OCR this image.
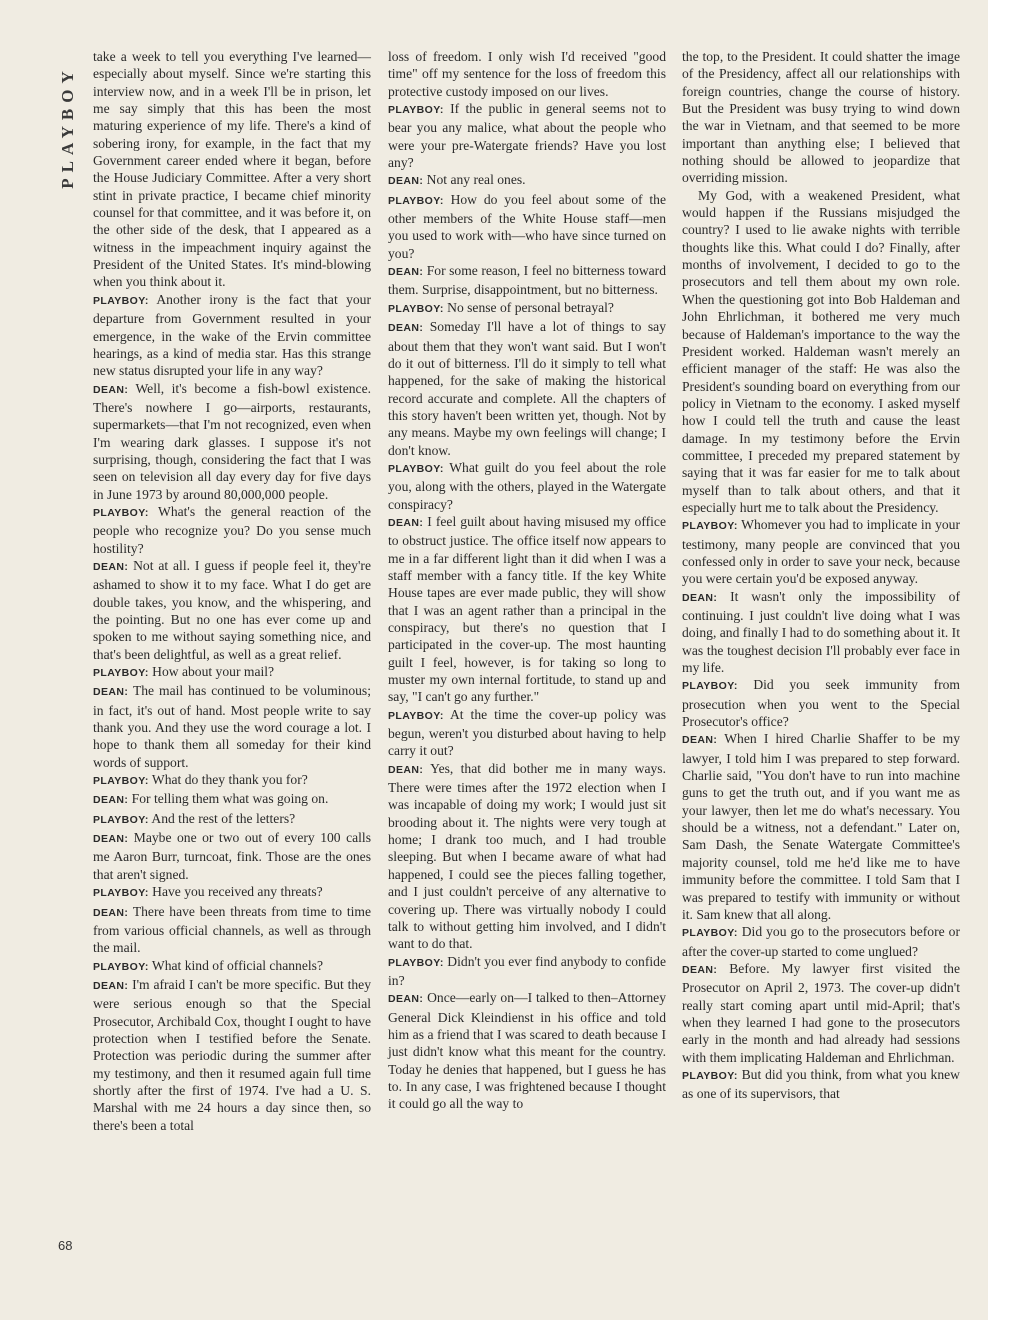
PLAYBOY

take a week to tell you everything I've learned—especially about myself. Since we're starting this interview now, and in a week I'll be in prison, let me say simply that this has been the most maturing experience of my life. There's a kind of sobering irony, for example, in the fact that my Government career ended where it began, before the House Judiciary Committee. After a very short stint in private practice, I became chief minority counsel for that committee, and it was before it, on the other side of the desk, that I appeared as a witness in the impeachment inquiry against the President of the United States. It's mind-blowing when you think about it.

PLAYBOY: Another irony is the fact that your departure from Government resulted in your emergence, in the wake of the Ervin committee hearings, as a kind of media star. Has this strange new status disrupted your life in any way?

DEAN: Well, it's become a fish-bowl existence. There's nowhere I go—airports, restaurants, supermarkets—that I'm not recognized, even when I'm wearing dark glasses. I suppose it's not surprising, though, considering the fact that I was seen on television all day every day for five days in June 1973 by around 80,000,000 people.

PLAYBOY: What's the general reaction of the people who recognize you? Do you sense much hostility?

DEAN: Not at all. I guess if people feel it, they're ashamed to show it to my face. What I do get are double takes, you know, and the whispering, and the pointing. But no one has ever come up and spoken to me without saying something nice, and that's been delightful, as well as a great relief.

PLAYBOY: How about your mail?

DEAN: The mail has continued to be voluminous; in fact, it's out of hand. Most people write to say thank you. And they use the word courage a lot. I hope to thank them all someday for their kind words of support.

PLAYBOY: What do they thank you for?

DEAN: For telling them what was going on.

PLAYBOY: And the rest of the letters?

DEAN: Maybe one or two out of every 100 calls me Aaron Burr, turncoat, fink. Those are the ones that aren't signed.

PLAYBOY: Have you received any threats?

DEAN: There have been threats from time to time from various official channels, as well as through the mail.

PLAYBOY: What kind of official channels?

DEAN: I'm afraid I can't be more specific. But they were serious enough so that the Special Prosecutor, Archibald Cox, thought I ought to have protection when I testified before the Senate. Protection was periodic during the summer after my testimony, and then it resumed again full time shortly after the first of 1974. I've had a U. S. Marshal with me 24 hours a day since then, so there's been a total

loss of freedom. I only wish I'd received "good time" off my sentence for the loss of freedom this protective custody imposed on our lives.

PLAYBOY: If the public in general seems not to bear you any malice, what about the people who were your pre-Watergate friends? Have you lost any?

DEAN: Not any real ones.

PLAYBOY: How do you feel about some of the other members of the White House staff—men you used to work with—who have since turned on you?

DEAN: For some reason, I feel no bitterness toward them. Surprise, disappointment, but no bitterness.

PLAYBOY: No sense of personal betrayal?

DEAN: Someday I'll have a lot of things to say about them that they won't want said. But I won't do it out of bitterness. I'll do it simply to tell what happened, for the sake of making the historical record accurate and complete. All the chapters of this story haven't been written yet, though. Not by any means. Maybe my own feelings will change; I don't know.

PLAYBOY: What guilt do you feel about the role you, along with the others, played in the Watergate conspiracy?

DEAN: I feel guilt about having misused my office to obstruct justice. The office itself now appears to me in a far different light than it did when I was a staff member with a fancy title. If the key White House tapes are ever made public, they will show that I was an agent rather than a principal in the conspiracy, but there's no question that I participated in the cover-up. The most haunting guilt I feel, however, is for taking so long to muster my own internal fortitude, to stand up and say, "I can't go any further."

PLAYBOY: At the time the cover-up policy was begun, weren't you disturbed about having to help carry it out?

DEAN: Yes, that did bother me in many ways. There were times after the 1972 election when I was incapable of doing my work; I would just sit brooding about it. The nights were very tough at home; I drank too much, and I had trouble sleeping. But when I became aware of what had happened, I could see the pieces falling together, and I just couldn't perceive of any alternative to covering up. There was virtually nobody I could talk to without getting him involved, and I didn't want to do that.

PLAYBOY: Didn't you ever find anybody to confide in?

DEAN: Once—early on—I talked to then–Attorney General Dick Kleindienst in his office and told him as a friend that I was scared to death because I just didn't know what this meant for the country. Today he denies that happened, but I guess he has to. In any case, I was frightened because I thought it could go all the way to

the top, to the President. It could shatter the image of the Presidency, affect all our relationships with foreign countries, change the course of history. But the President was busy trying to wind down the war in Vietnam, and that seemed to be more important than anything else; I believed that nothing should be allowed to jeopardize that overriding mission.

My God, with a weakened President, what would happen if the Russians misjudged the country? I used to lie awake nights with terrible thoughts like this. What could I do? Finally, after months of involvement, I decided to go to the prosecutors and tell them about my own role. When the questioning got into Bob Haldeman and John Ehrlichman, it bothered me very much because of Haldeman's importance to the way the President worked. Haldeman wasn't merely an efficient manager of the staff: He was also the President's sounding board on everything from our policy in Vietnam to the economy. I asked myself how I could tell the truth and cause the least damage. In my testimony before the Ervin committee, I preceded my prepared statement by saying that it was far easier for me to talk about myself than to talk about others, and that it especially hurt me to talk about the Presidency.

PLAYBOY: Whomever you had to implicate in your testimony, many people are convinced that you confessed only in order to save your neck, because you were certain you'd be exposed anyway.

DEAN: It wasn't only the impossibility of continuing. I just couldn't live doing what I was doing, and finally I had to do something about it. It was the toughest decision I'll probably ever face in my life.

PLAYBOY: Did you seek immunity from prosecution when you went to the Special Prosecutor's office?

DEAN: When I hired Charlie Shaffer to be my lawyer, I told him I was prepared to step forward. Charlie said, "You don't have to run into machine guns to get the truth out, and if you want me as your lawyer, then let me do what's necessary. You should be a witness, not a defendant." Later on, Sam Dash, the Senate Watergate Committee's majority counsel, told me he'd like me to have immunity before the committee. I told Sam that I was prepared to testify with immunity or without it. Sam knew that all along.

PLAYBOY: Did you go to the prosecutors before or after the cover-up started to come unglued?

DEAN: Before. My lawyer first visited the Prosecutor on April 2, 1973. The cover-up didn't really start coming apart until mid-April; that's when they learned I had gone to the prosecutors early in the month and had already had sessions with them implicating Haldeman and Ehrlichman.

PLAYBOY: But did you think, from what you knew as one of its supervisors, that

68
